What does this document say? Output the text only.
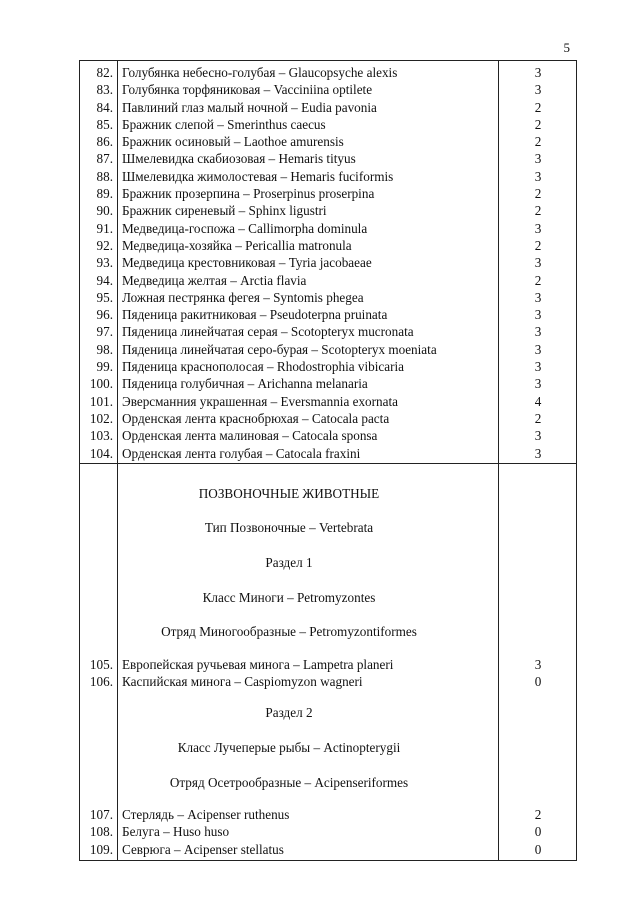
5
82. Голубянка небесно-голубая – Glaucopsyche alexis	3
83. Голубянка торфяниковая – Vacciniina optilete	3
84. Павлиний глаз малый ночной – Eudia pavonia	2
85. Бражник слепой – Smerinthus caecus	2
86. Бражник осиновый – Laothoe amurensis	2
87. Шмелевидка скабиозовая – Hemaris tityus	3
88. Шмелевидка жимолостевая – Hemaris fuciformis	3
89. Бражник прозерпина – Proserpinus proserpina	2
90. Бражник сиреневый – Sphinx ligustri	2
91. Медведица-госпожа – Callimorpha dominula	3
92. Медведица-хозяйка – Pericallia matronula	2
93. Медведица крестовниковая – Tyria jacobaeae	3
94. Медведица желтая – Arctia flavia	2
95. Ложная пестрянка фегея – Syntomis phegea	3
96. Пяденица ракитниковая – Pseudoterpna pruinata	3
97. Пяденица линейчатая серая – Scotopteryx mucronata	3
98. Пяденица линейчатая серо-бурая – Scotopteryx moeniata	3
99. Пяденица краснополосая – Rhodostrophia vibicaria	3
100. Пяденица голубичная – Arichanna melanaria	3
101. Эверсманния украшенная – Eversmannia exornata	4
102. Орденская лента краснобрюхая – Catocala pacta	2
103. Орденская лента малиновая – Catocala sponsa	3
104. Орденская лента голубая – Catocala fraxini	3
ПОЗВОНОЧНЫЕ ЖИВОТНЫЕ
Тип Позвоночные – Vertebrata
Раздел 1
Класс Миноги – Petromyzontes
Отряд Миногообразные – Petromyzontiformes
105. Европейская ручьевая минога – Lampetra planeri	3
106. Каспийская минога – Caspiomyzon wagneri	0
Раздел 2
Класс Лучеперые рыбы – Actinopterygii
Отряд Осетрообразные – Acipenseriformes
107. Стерлядь – Acipenser ruthenus	2
108. Белуга – Huso huso	0
109. Севрюга – Acipenser stellatus	0
